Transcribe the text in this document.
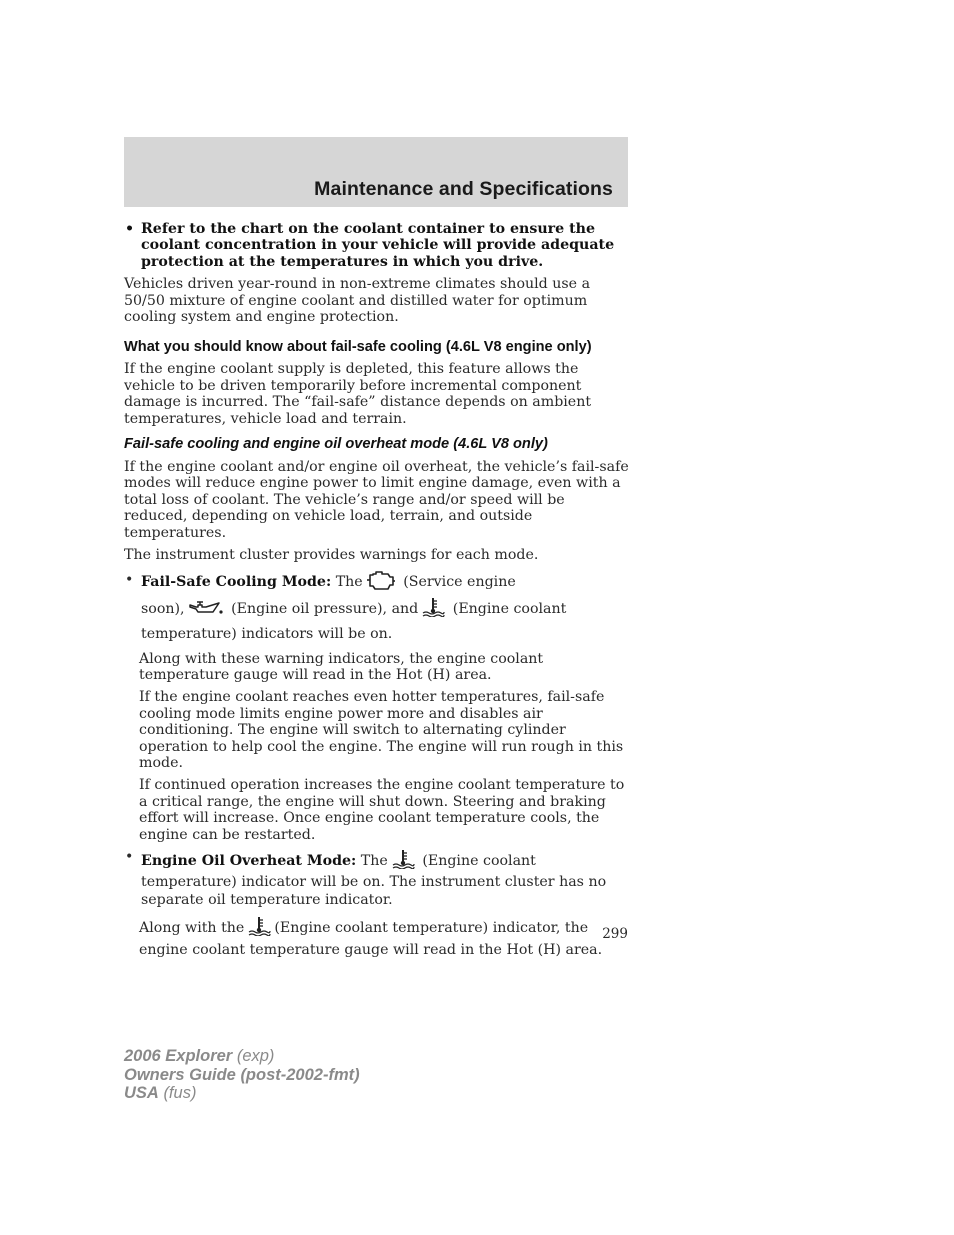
Maintenance and Specifications

• Refer to the chart on the coolant container to ensure the coolant concentration in your vehicle will provide adequate protection at the temperatures in which you drive.

Vehicles driven year-round in non-extreme climates should use a 50/50 mixture of engine coolant and distilled water for optimum cooling system and engine protection.

What you should know about fail-safe cooling (4.6L V8 engine only)

If the engine coolant supply is depleted, this feature allows the vehicle to be driven temporarily before incremental component damage is incurred. The “fail-safe” distance depends on ambient temperatures, vehicle load and terrain.

Fail-safe cooling and engine oil overheat mode (4.6L V8 only)

If the engine coolant and/or engine oil overheat, the vehicle’s fail-safe modes will reduce engine power to limit engine damage, even with a total loss of coolant. The vehicle’s range and/or speed will be reduced, depending on vehicle load, terrain, and outside temperatures.

The instrument cluster provides warnings for each mode.

• Fail-Safe Cooling Mode: The	(Service engine
soon),	(Engine oil pressure), and (Engine coolant
temperature) indicators will be on.

Along with these warning indicators, the engine coolant temperature gauge will read in the Hot (H) area.

If the engine coolant reaches even hotter temperatures, fail-safe cooling mode limits engine power more and disables air conditioning. The engine will switch to alternating cylinder operation to help cool the engine. The engine will run rough in this mode.

If continued operation increases the engine coolant temperature to a critical range, the engine will shut down. Steering and braking effort will increase. Once engine coolant temperature cools, the engine can be restarted.

• Engine Oil Overheat Mode: The (Engine coolant temperature) indicator will be on. The instrument cluster has no separate oil temperature indicator.

Along with the (Engine coolant temperature) indicator, the engine coolant temperature gauge will read in the Hot (H) area.

299
2006 Explorer (exp)
Owners Guide (post-2002-fmt)
USA (fus)
